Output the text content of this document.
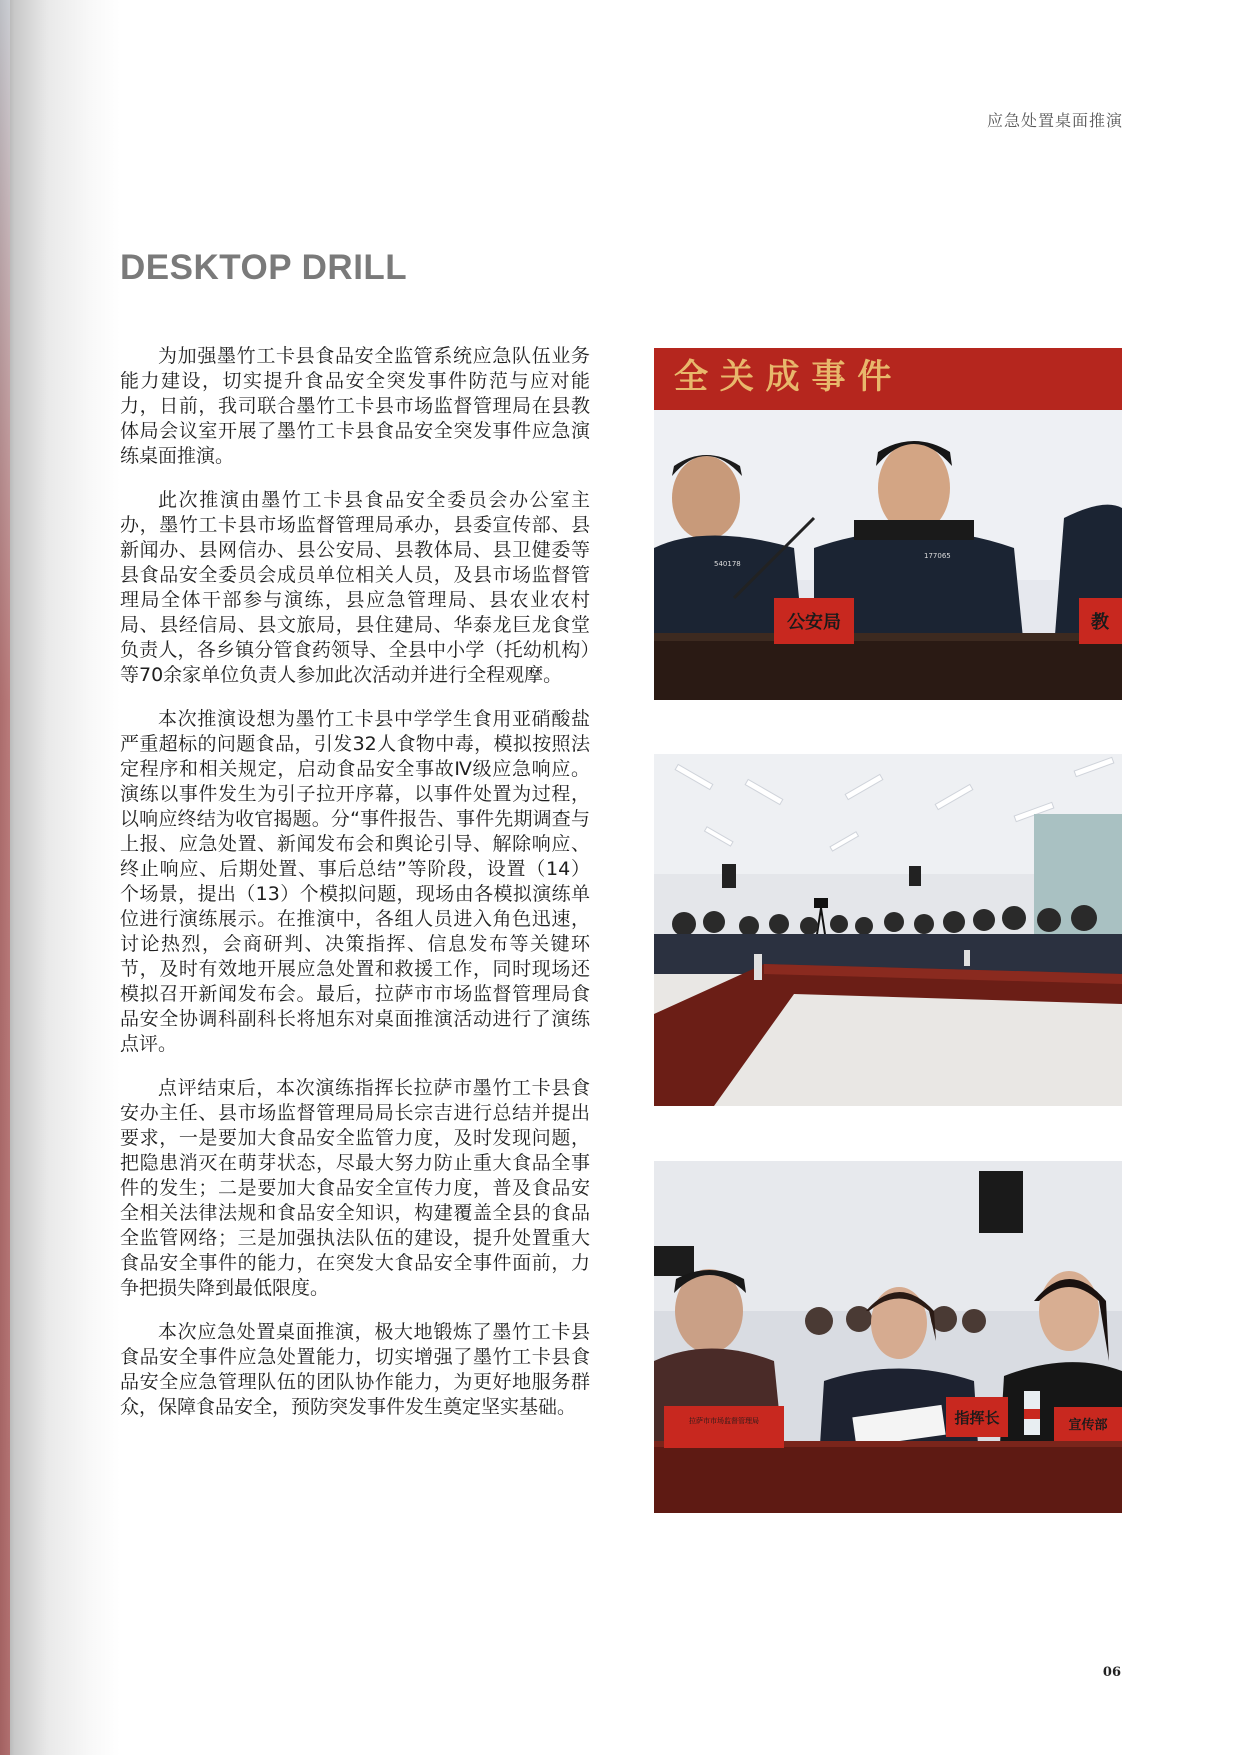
应急处置桌面推演
DESKTOP DRILL

为加强墨竹工卡县食品安全监管系统应急队伍业务能力建设，切实提升食品安全突发事件防范与应对能力，日前，我司联合墨竹工卡县市场监督管理局在县教体局会议室开展了墨竹工卡县食品安全突发事件应急演练桌面推演。

此次推演由墨竹工卡县食品安全委员会办公室主办，墨竹工卡县市场监督管理局承办，县委宣传部、县新闻办、县网信办、县公安局、县教体局、县卫健委等县食品安全委员会成员单位相关人员，及县市场监督管理局全体干部参与演练，县应急管理局、县农业农村局、县经信局、县文旅局，县住建局、华泰龙巨龙食堂负责人，各乡镇分管食药领导、全县中小学（托幼机构）等70余家单位负责人参加此次活动并进行全程观摩。

本次推演设想为墨竹工卡县中学学生食用亚硝酸盐严重超标的问题食品，引发32人食物中毒，模拟按照法定程序和相关规定，启动食品安全事故Ⅳ级应急响应。演练以事件发生为引子拉开序幕，以事件处置为过程，以响应终结为收官揭题。分“事件报告、事件先期调查与上报、应急处置、新闻发布会和舆论引导、解除响应、终止响应、后期处置、事后总结”等阶段，设置（14）个场景，提出（13）个模拟问题，现场由各模拟演练单位进行演练展示。在推演中，各组人员进入角色迅速，讨论热烈，会商研判、决策指挥、信息发布等关键环节，及时有效地开展应急处置和救援工作，同时现场还模拟召开新闻发布会。最后，拉萨市市场监督管理局食品安全协调科副科长将旭东对桌面推演活动进行了演练点评。

点评结束后，本次演练指挥长拉萨市墨竹工卡县食安办主任、县市场监督管理局局长宗吉进行总结并提出要求，一是要加大食品安全监管力度，及时发现问题，把隐患消灭在萌芽状态，尽最大努力防止重大食品全事件的发生；二是要加大食品安全宣传力度，普及食品安全相关法律法规和食品安全知识，构建覆盖全县的食品全监管网络；三是加强执法队伍的建设，提升处置重大食品安全事件的能力，在突发大食品安全事件面前，力争把损失降到最低限度。

本次应急处置桌面推演，极大地锻炼了墨竹工卡县食品安全事件应急处置能力，切实增强了墨竹工卡县食品安全应急管理队伍的团队协作能力，为更好地服务群众，保障食品安全，预防突发事件发生奠定坚实基础。

全 关 成 事 件
公安局	教
540178
177065
拉萨市市场监督管理局	指挥长	宣传部
06
